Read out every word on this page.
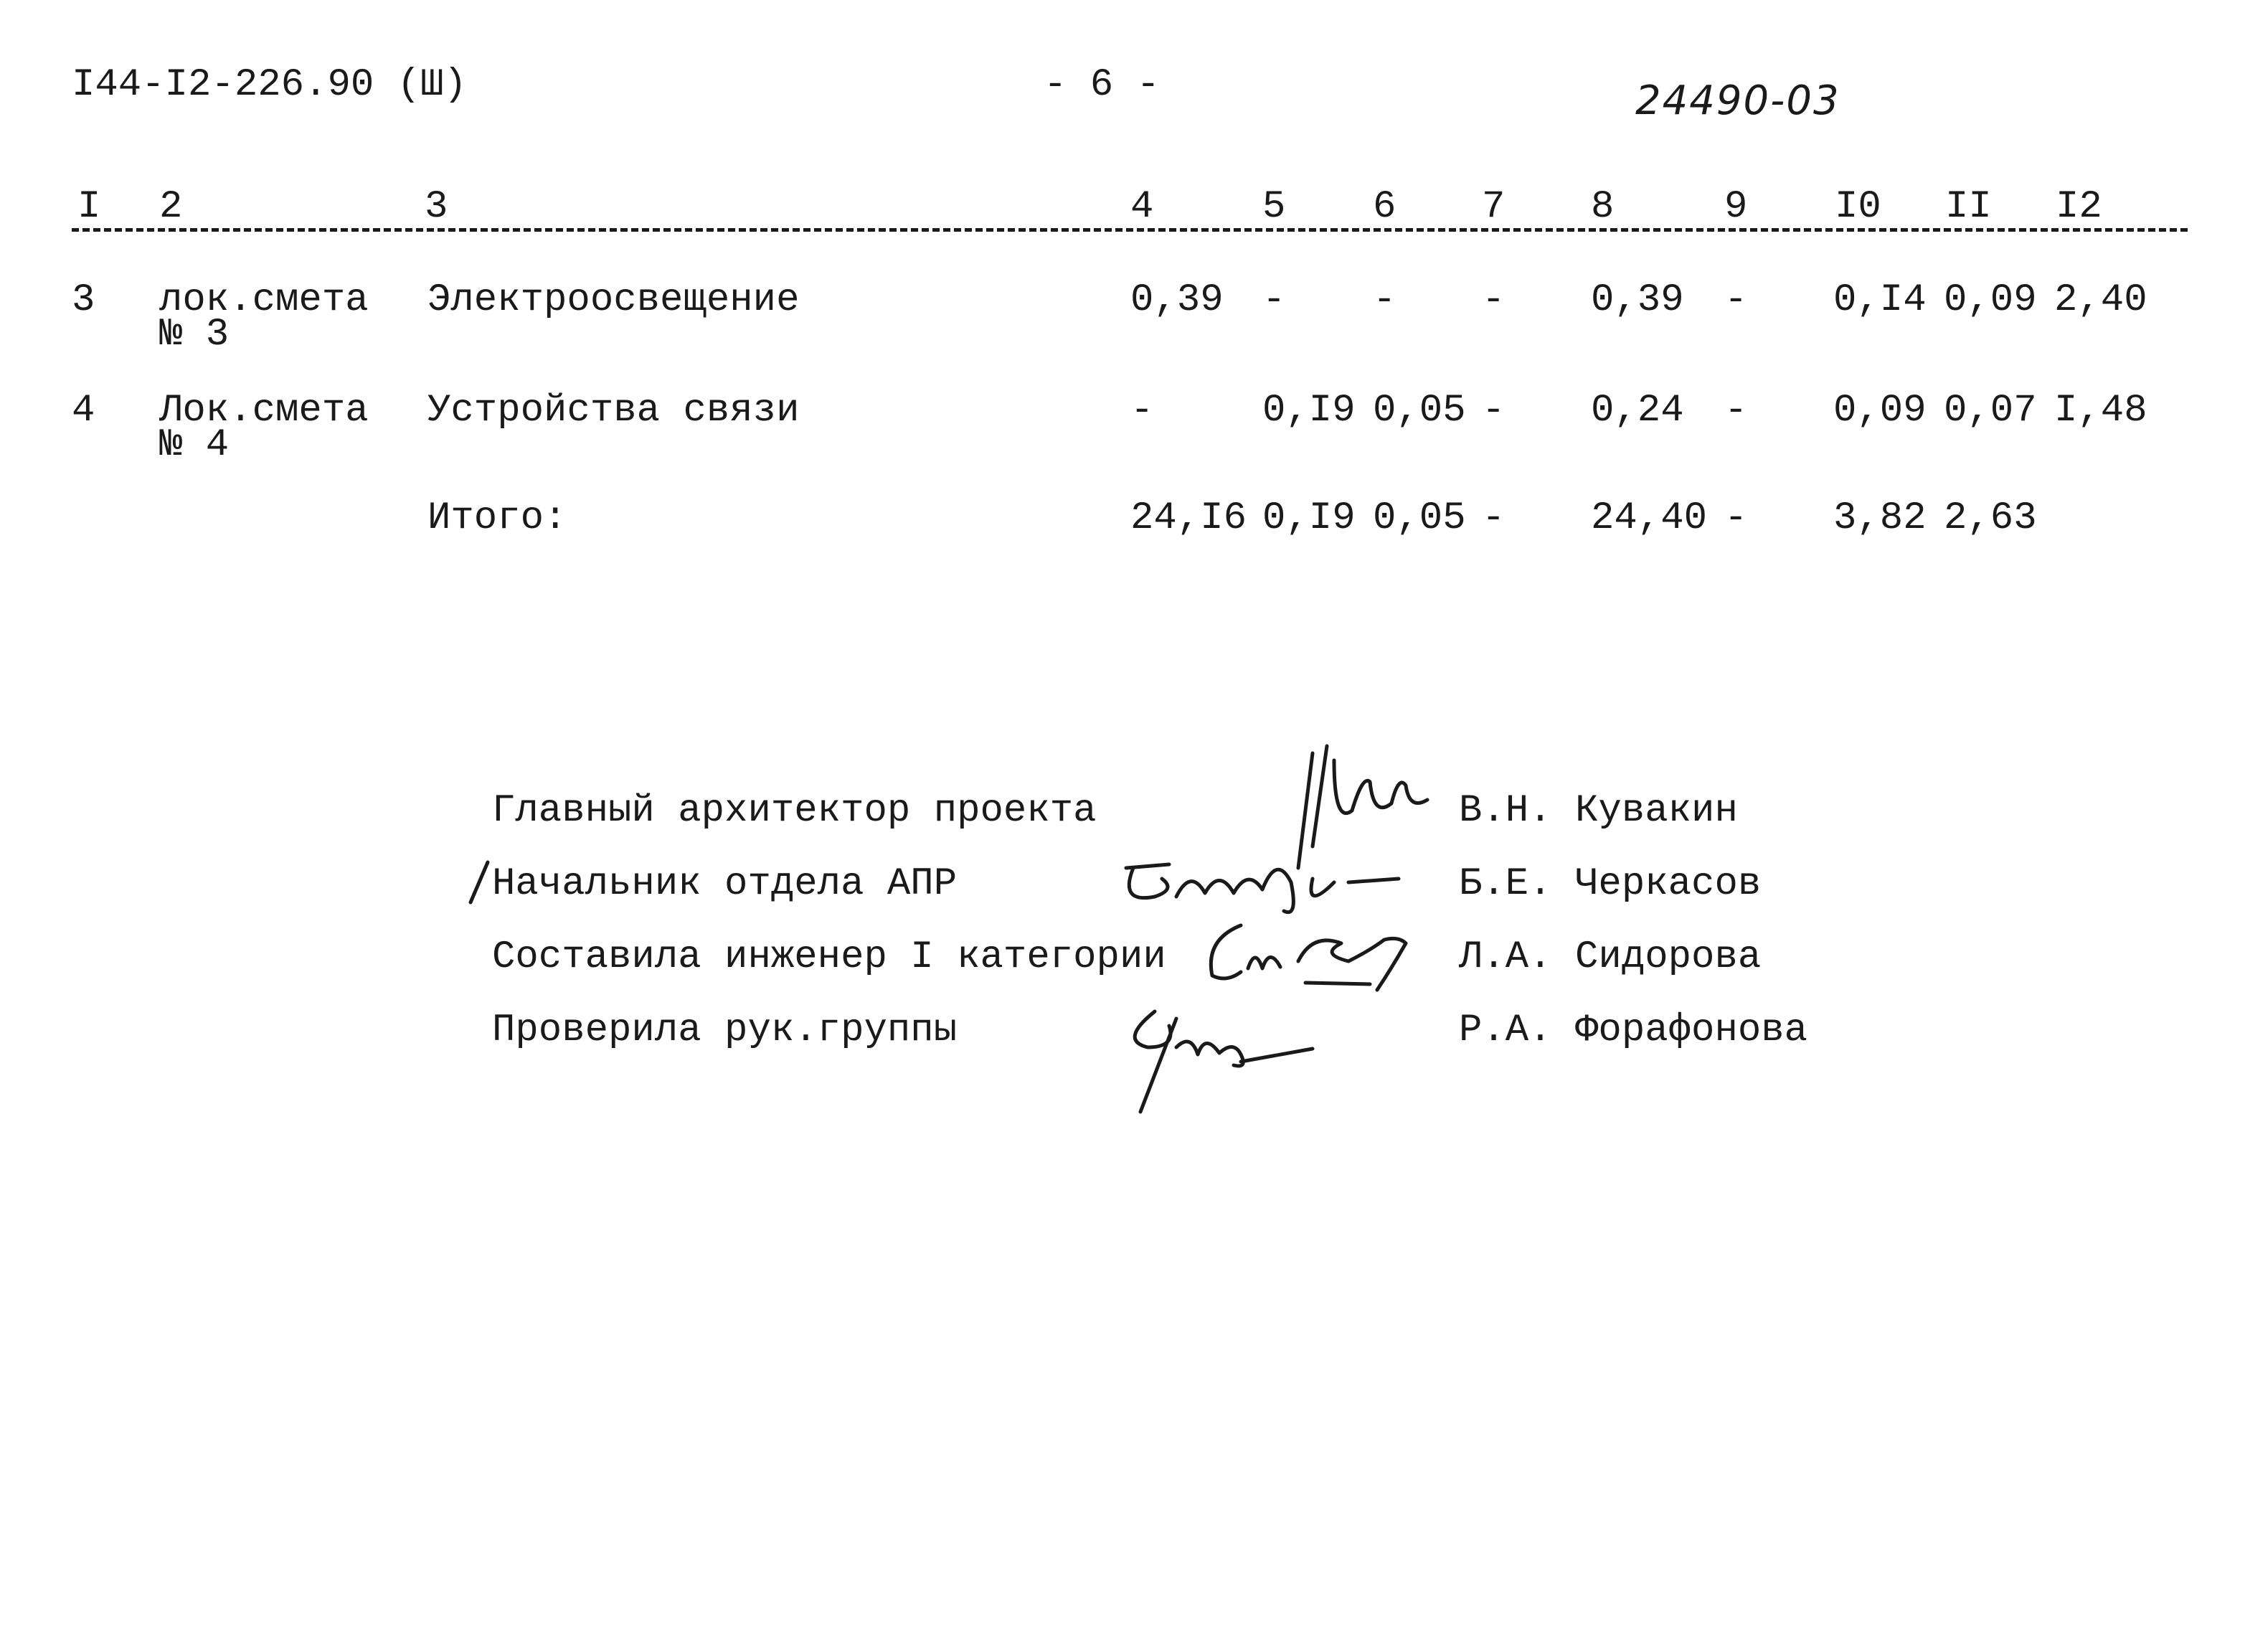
I44-I2-226.90 (Ш)	- 6 -	24490-03
I 2	3	4	5 6 7 8	9 I0 II I2
3 лок.смета
№ 3
Электроосвещение	0,39 - - - 0,39 - 0,I4 0,09 2,40
4 Лок.смета
№ 4
Устройства связи	-	0,I9 0,05 - 0,24 - 0,09 0,07 I,48
Итого:	24,I6 0,I9 0,05 - 24,40 - 3,82 2,63
Главный архитектор проекта	В.Н. Кувакин
Начальник отдела АПР	Б.Е. Черкасов
Составила инженер I категории	Л.А. Сидорова
Проверила рук.группы	Р.А. Форафонова
